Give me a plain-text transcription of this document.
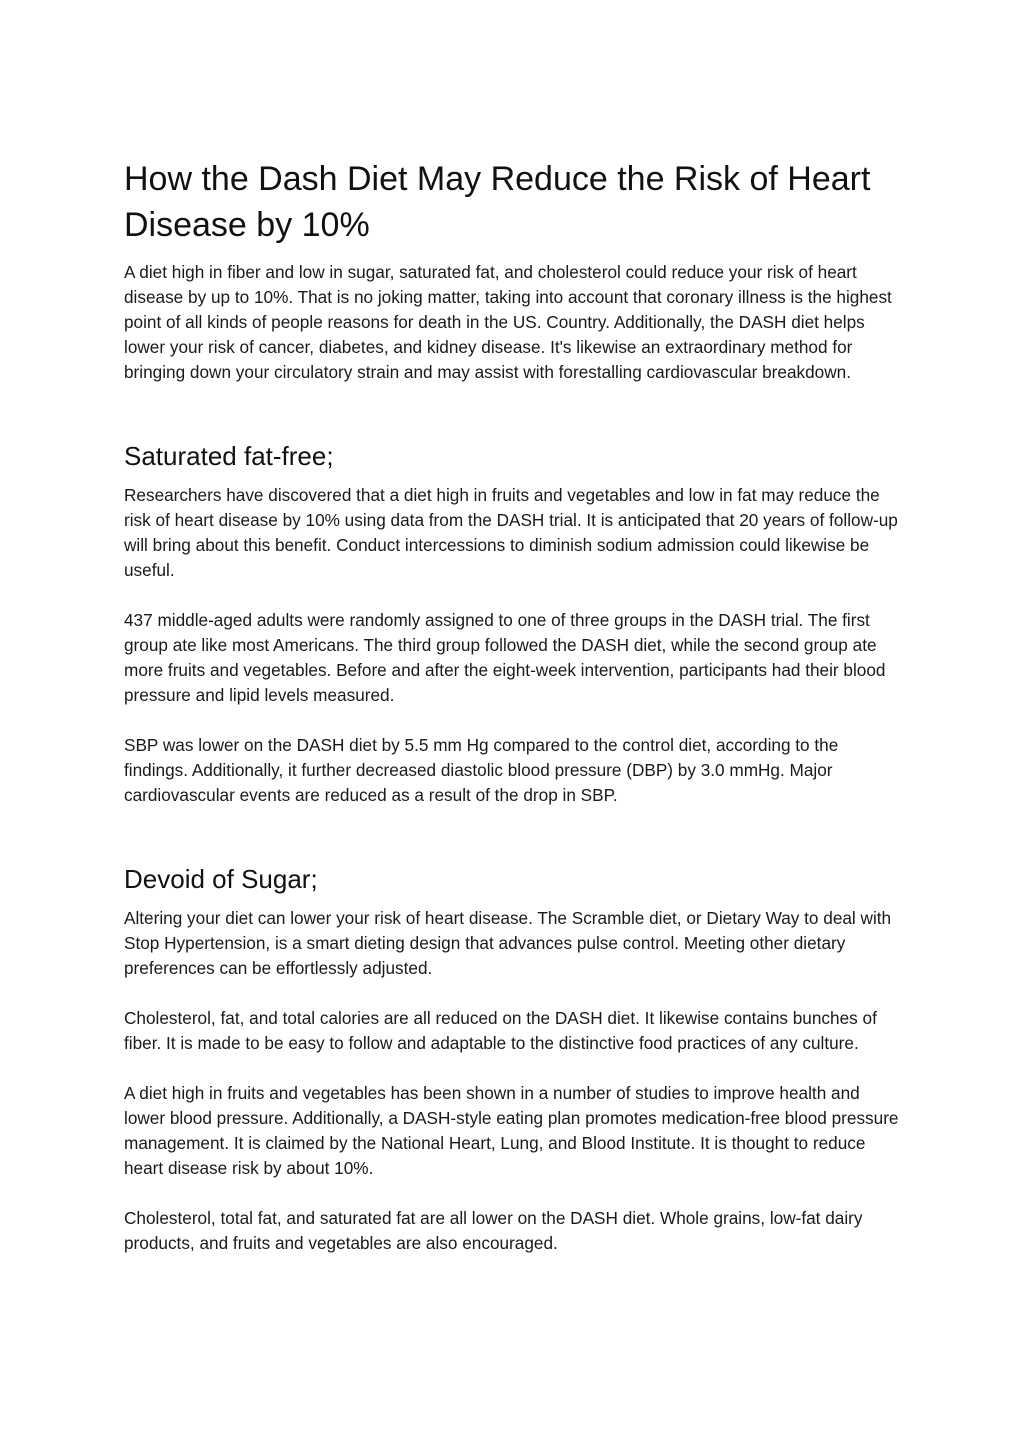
How the Dash Diet May Reduce the Risk of Heart Disease by 10%

A diet high in fiber and low in sugar, saturated fat, and cholesterol could reduce your risk of heart disease by up to 10%. That is no joking matter, taking into account that coronary illness is the highest point of all kinds of people reasons for death in the US. Country. Additionally, the DASH diet helps lower your risk of cancer, diabetes, and kidney disease. It's likewise an extraordinary method for bringing down your circulatory strain and may assist with forestalling cardiovascular breakdown.

Saturated fat-free;

Researchers have discovered that a diet high in fruits and vegetables and low in fat may reduce the risk of heart disease by 10% using data from the DASH trial. It is anticipated that 20 years of follow-up will bring about this benefit. Conduct intercessions to diminish sodium admission could likewise be useful.

437 middle-aged adults were randomly assigned to one of three groups in the DASH trial. The first group ate like most Americans. The third group followed the DASH diet, while the second group ate more fruits and vegetables. Before and after the eight-week intervention, participants had their blood pressure and lipid levels measured.

SBP was lower on the DASH diet by 5.5 mm Hg compared to the control diet, according to the findings. Additionally, it further decreased diastolic blood pressure (DBP) by 3.0 mmHg. Major cardiovascular events are reduced as a result of the drop in SBP.

Devoid of Sugar;

Altering your diet can lower your risk of heart disease. The Scramble diet, or Dietary Way to deal with Stop Hypertension, is a smart dieting design that advances pulse control. Meeting other dietary preferences can be effortlessly adjusted.

Cholesterol, fat, and total calories are all reduced on the DASH diet. It likewise contains bunches of fiber. It is made to be easy to follow and adaptable to the distinctive food practices of any culture.

A diet high in fruits and vegetables has been shown in a number of studies to improve health and lower blood pressure. Additionally, a DASH-style eating plan promotes medication-free blood pressure management. It is claimed by the National Heart, Lung, and Blood Institute. It is thought to reduce heart disease risk by about 10%.

Cholesterol, total fat, and saturated fat are all lower on the DASH diet. Whole grains, low-fat dairy products, and fruits and vegetables are also encouraged.
